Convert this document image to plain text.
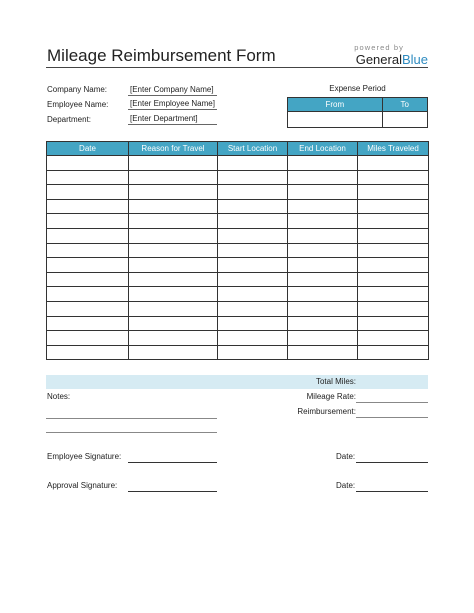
Mileage Reimbursement Form	powered by
GeneralBlue
Company Name:	[Enter Company Name]
Employee Name:	[Enter Employee Name]
Department:	[Enter Department]
Expense Period
From	To

Date	Reason for Travel	Start Location	End Location	Miles Traveled

Total Miles:
Mileage Rate:
Reimbursement:
Notes:
Employee Signature:	Date:
Approval Signature:	Date:
